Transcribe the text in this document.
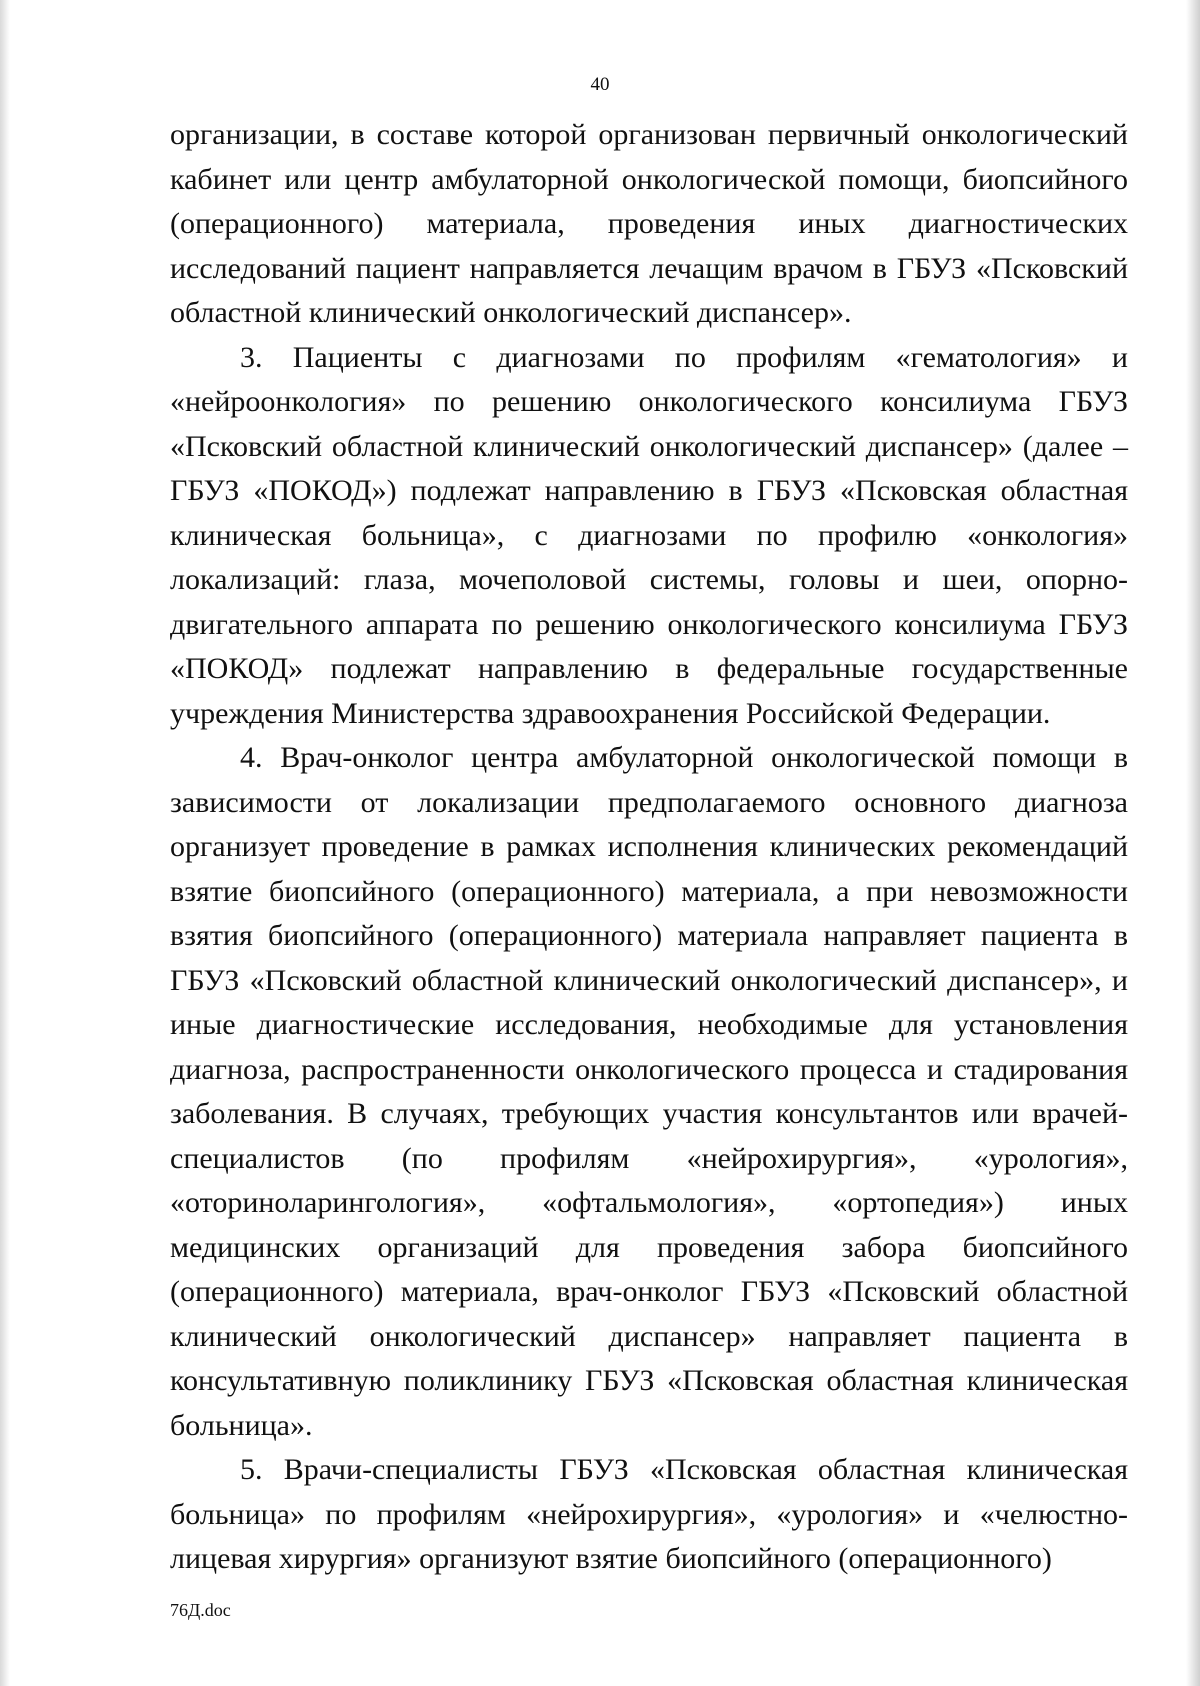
40

организации, в составе которой организован первичный онкологический кабинет или центр амбулаторной онкологической помощи, биопсийного (операционного) материала, проведения иных диагностических исследований пациент направляется лечащим врачом в ГБУЗ «Псковский областной клинический онкологический диспансер».

3. Пациенты с диагнозами по профилям «гематология» и «нейроонкология» по решению онкологического консилиума ГБУЗ «Псковский областной клинический онкологический диспансер» (далее – ГБУЗ «ПОКОД») подлежат направлению в ГБУЗ «Псковская областная клиническая больница», с диагнозами по профилю «онкология» локализаций: глаза, мочеполовой системы, головы и шеи, опорно-двигательного аппарата по решению онкологического консилиума ГБУЗ «ПОКОД» подлежат направлению в федеральные государственные учреждения Министерства здравоохранения Российской Федерации.

4. Врач-онколог центра амбулаторной онкологической помощи в зависимости от локализации предполагаемого основного диагноза организует проведение в рамках исполнения клинических рекомендаций взятие биопсийного (операционного) материала, а при невозможности взятия биопсийного (операционного) материала направляет пациента в ГБУЗ «Псковский областной клинический онкологический диспансер», и иные диагностические исследования, необходимые для установления диагноза, распространенности онкологического процесса и стадирования заболевания. В случаях, требующих участия консультантов или врачей-специалистов (по профилям «нейрохирургия», «урология», «оториноларингология», «офтальмология», «ортопедия») иных медицинских организаций для проведения забора биопсийного (операционного) материала, врач-онколог ГБУЗ «Псковский областной клинический онкологический диспансер» направляет пациента в консультативную поликлинику ГБУЗ «Псковская областная клиническая больница».

5. Врачи-специалисты ГБУЗ «Псковская областная клиническая больница» по профилям «нейрохирургия», «урология» и «челюстно-лицевая хирургия» организуют взятие биопсийного (операционного)

76Д.doc
